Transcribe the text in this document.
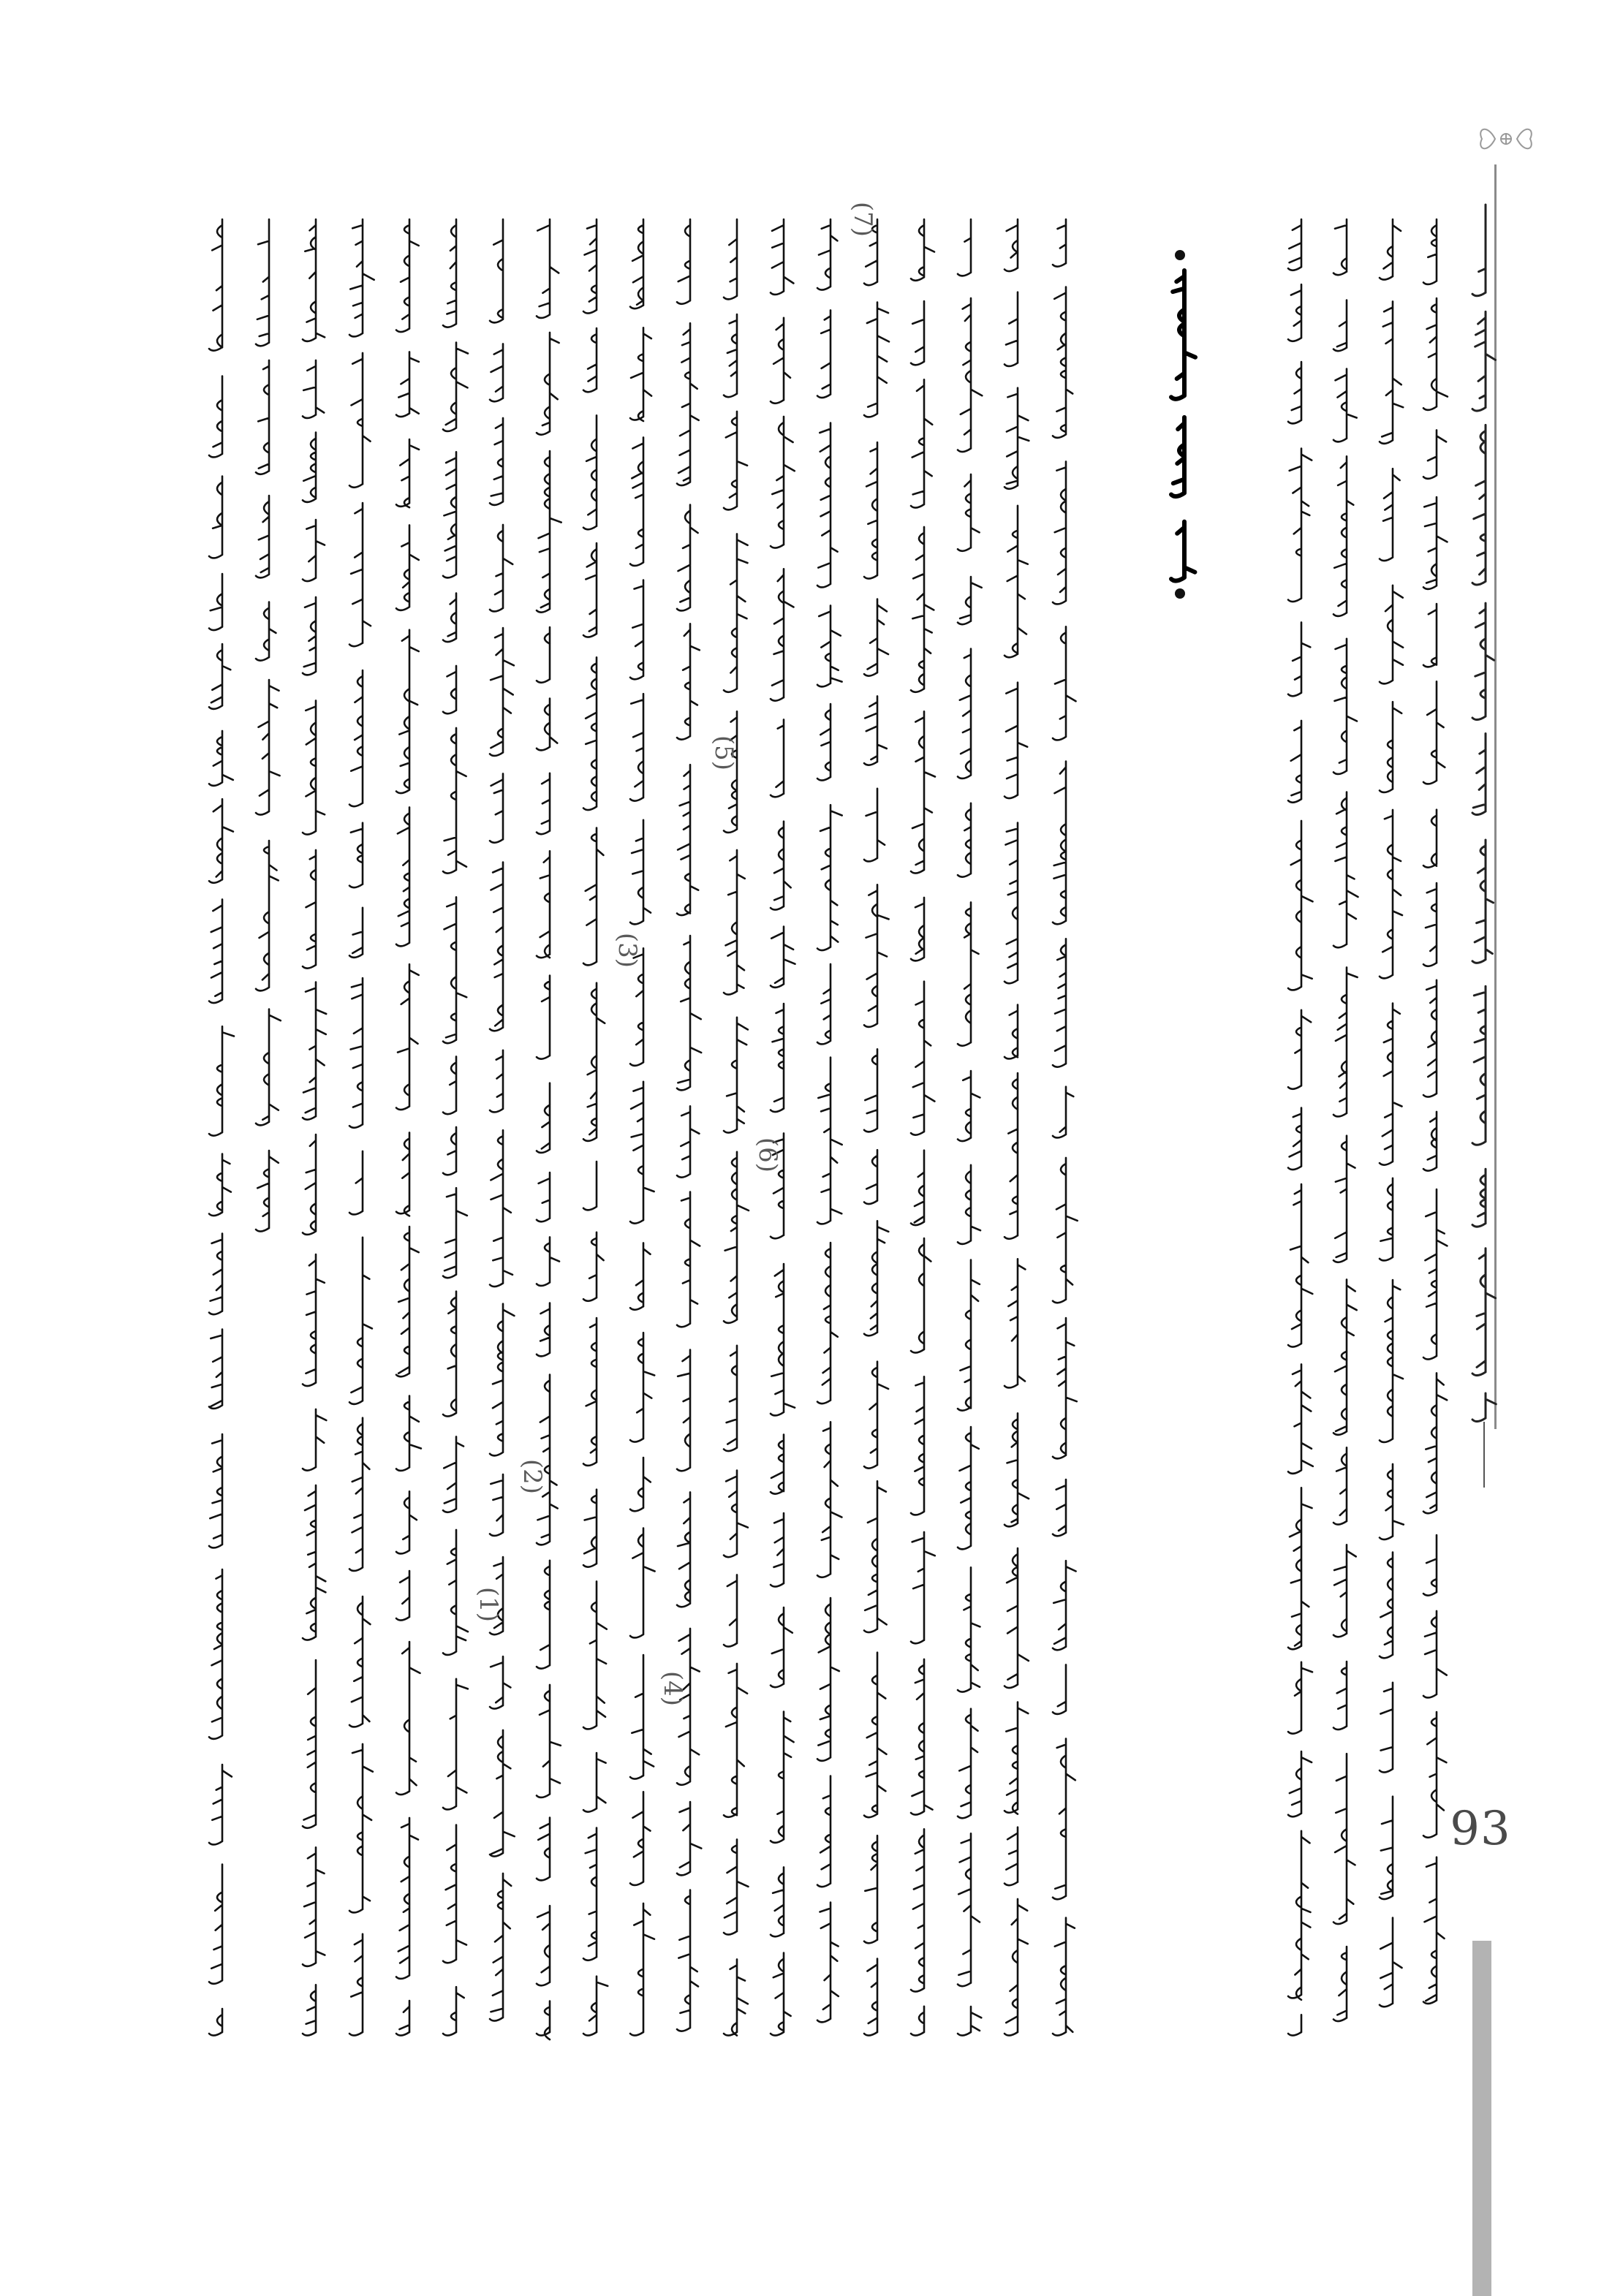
93
(1)
(2)
(3)
(4)
(5)
(6)
(7)
